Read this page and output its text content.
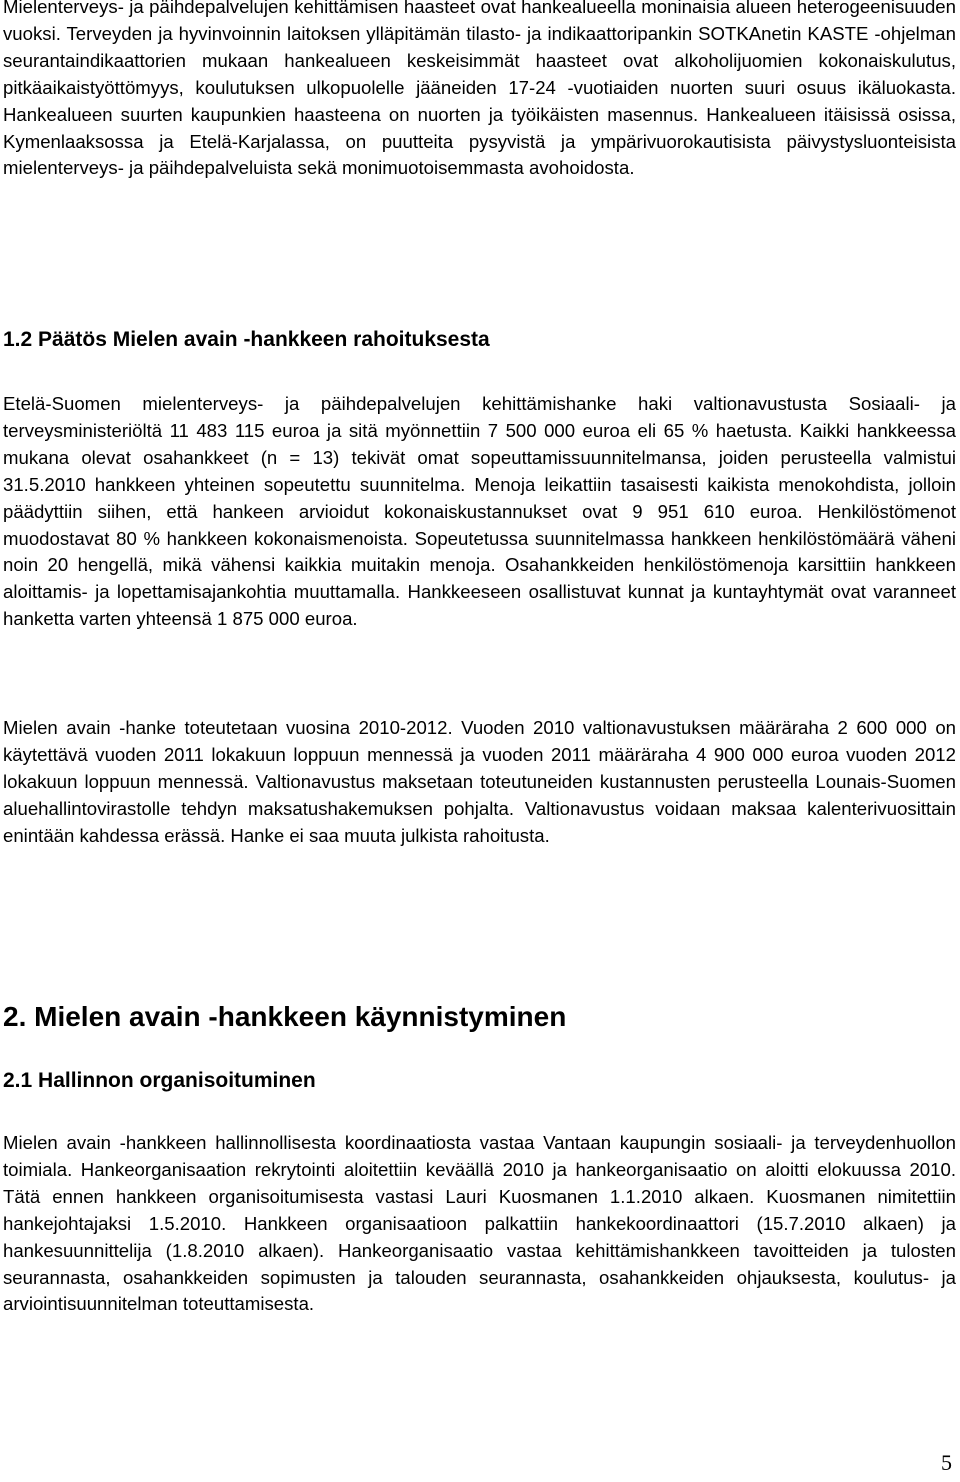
Mielenterveys- ja päihdepalvelujen kehittämisen haasteet ovat hankealueella moninaisia alueen heterogeenisuuden vuoksi. Terveyden ja hyvinvoinnin laitoksen ylläpitämän tilasto- ja indikaattoripankin SOTKAnetin KASTE -ohjelman seurantaindikaattorien mukaan hankealueen keskeisimmät haasteet ovat alkoholijuomien kokonaiskulutus, pitkäaikaistyöttömyys, koulutuksen ulkopuolelle jääneiden 17-24 -vuotiaiden nuorten suuri osuus ikäluokasta. Hankealueen suurten kaupunkien haasteena on nuorten ja työikäisten masennus. Hankealueen itäisissä osissa, Kymenlaaksossa ja Etelä-Karjalassa, on puutteita pysyvistä ja ympärivuorokautisista päivystysluonteisista mielenterveys- ja päihdepalveluista sekä monimuotoisemmasta avohoidosta.

1.2 Päätös Mielen avain -hankkeen rahoituksesta

Etelä-Suomen mielenterveys- ja päihdepalvelujen kehittämishanke haki valtionavustusta Sosiaali- ja terveysministeriöltä 11 483 115 euroa ja sitä myönnettiin 7 500 000 euroa eli 65 % haetusta. Kaikki hankkeessa mukana olevat osahankkeet (n = 13) tekivät omat sopeuttamissuunnitelmansa, joiden perusteella valmistui 31.5.2010 hankkeen yhteinen sopeutettu suunnitelma. Menoja leikattiin tasaisesti kaikista menokohdista, jolloin päädyttiin siihen, että hankeen arvioidut kokonaiskustannukset ovat 9 951 610 euroa. Henkilöstömenot muodostavat 80 % hankkeen kokonaismenoista. Sopeutetussa suunnitelmassa hankkeen henkilöstömäärä väheni noin 20 hengellä, mikä vähensi kaikkia muitakin menoja. Osahankkeiden henkilöstömenoja karsittiin hankkeen aloittamis- ja lopettamisajankohtia muuttamalla. Hankkeeseen osallistuvat kunnat ja kuntayhtymät ovat varanneet hanketta varten yhteensä 1 875 000 euroa.

Mielen avain -hanke toteutetaan vuosina 2010-2012. Vuoden 2010 valtionavustuksen määräraha 2 600 000 on käytettävä vuoden 2011 lokakuun loppuun mennessä ja vuoden 2011 määräraha 4 900 000 euroa vuoden 2012 lokakuun loppuun mennessä. Valtionavustus maksetaan toteutuneiden kustannusten perusteella Lounais-Suomen aluehallintovirastolle tehdyn maksatushakemuksen pohjalta. Valtionavustus voidaan maksaa kalenterivuosittain enintään kahdessa erässä. Hanke ei saa muuta julkista rahoitusta.

2. Mielen avain -hankkeen käynnistyminen
2.1 Hallinnon organisoituminen

Mielen avain -hankkeen hallinnollisesta koordinaatiosta vastaa Vantaan kaupungin sosiaali- ja terveydenhuollon toimiala. Hankeorganisaation rekrytointi aloitettiin keväällä 2010 ja hankeorganisaatio on aloitti elokuussa 2010. Tätä ennen hankkeen organisoitumisesta vastasi Lauri Kuosmanen 1.1.2010 alkaen. Kuosmanen nimitettiin hankejohtajaksi 1.5.2010. Hankkeen organisaatioon palkattiin hankekoordinaattori (15.7.2010 alkaen) ja hankesuunnittelija (1.8.2010 alkaen). Hankeorganisaatio vastaa kehittämishankkeen tavoitteiden ja tulosten seurannasta, osahankkeiden sopimusten ja talouden seurannasta, osahankkeiden ohjauksesta, koulutus- ja arviointisuunnitelman toteuttamisesta.

5
